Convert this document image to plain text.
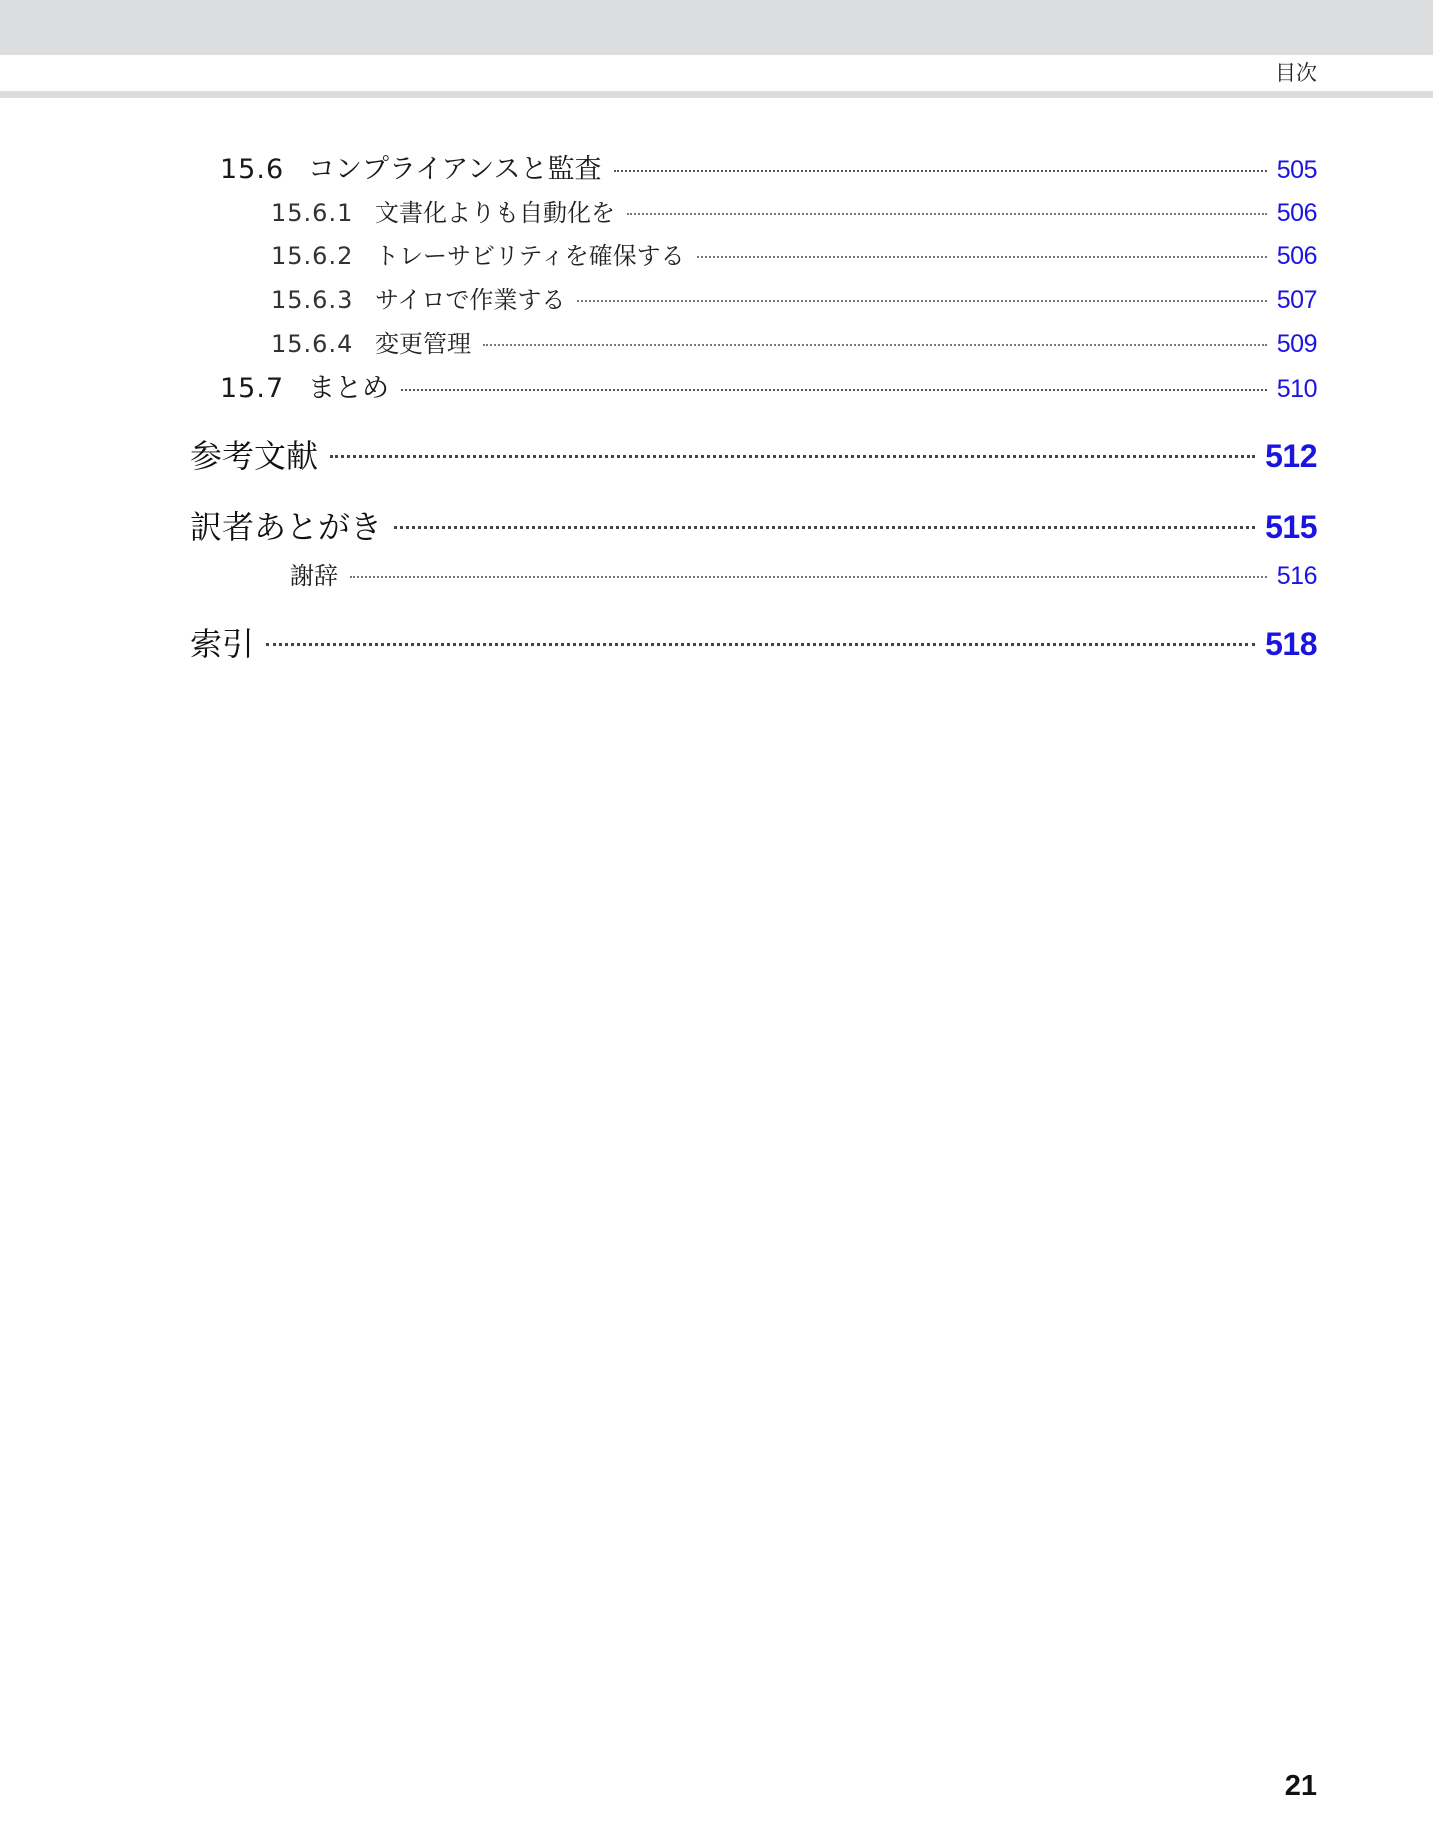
目次
15.6 コンプライアンスと監査	505
15.6.1 文書化よりも自動化を	506
15.6.2 トレーサビリティを確保する	506
15.6.3 サイロで作業する	507
15.6.4 変更管理	509
15.7 まとめ	510
参考文献	512
訳者あとがき	515
謝辞	516
索引	518
21
